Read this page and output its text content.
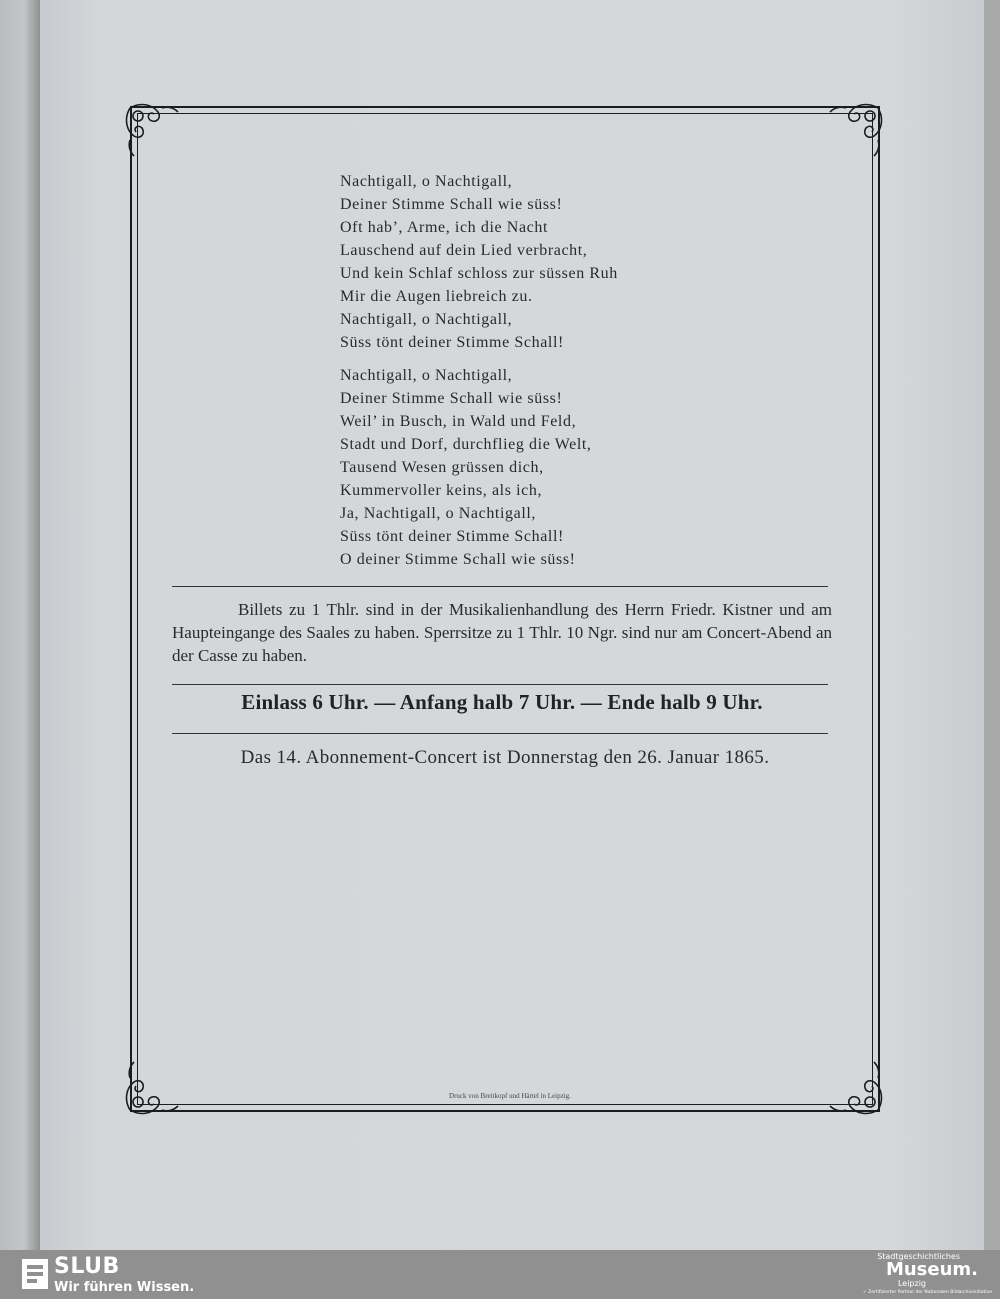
Nachtigall, o Nachtigall,
Deiner Stimme Schall wie süss!
Oft hab’, Arme, ich die Nacht
Lauschend auf dein Lied verbracht,
Und kein Schlaf schloss zur süssen Ruh
Mir die Augen liebreich zu.
Nachtigall, o Nachtigall,
Süss tönt deiner Stimme Schall!
Nachtigall, o Nachtigall,
Deiner Stimme Schall wie süss!
Weil’ in Busch, in Wald und Feld,
Stadt und Dorf, durchflieg die Welt,
Tausend Wesen grüssen dich,
Kummervoller keins, als ich,
Ja, Nachtigall, o Nachtigall,
Süss tönt deiner Stimme Schall!
O deiner Stimme Schall wie süss!
Billets zu 1 Thlr. sind in der Musikalienhandlung des Herrn Friedr. Kistner und am Haupteingange des Saales zu haben. Sperrsitze zu 1 Thlr. 10 Ngr. sind nur am Concert-Abend an der Casse zu haben.
Einlass 6 Uhr. — Anfang halb 7 Uhr. — Ende halb 9 Uhr.
Das 14. Abonnement-Concert ist Donnerstag den 26. Januar 1865.
Druck von Breitkopf und Härtel in Leipzig.
SLUB
Wir führen Wissen.
Stadtgeschichtliches
Museum.
Leipzig
✓ Zertifizierter Partner der Nationalen Bildarchivinitiative
